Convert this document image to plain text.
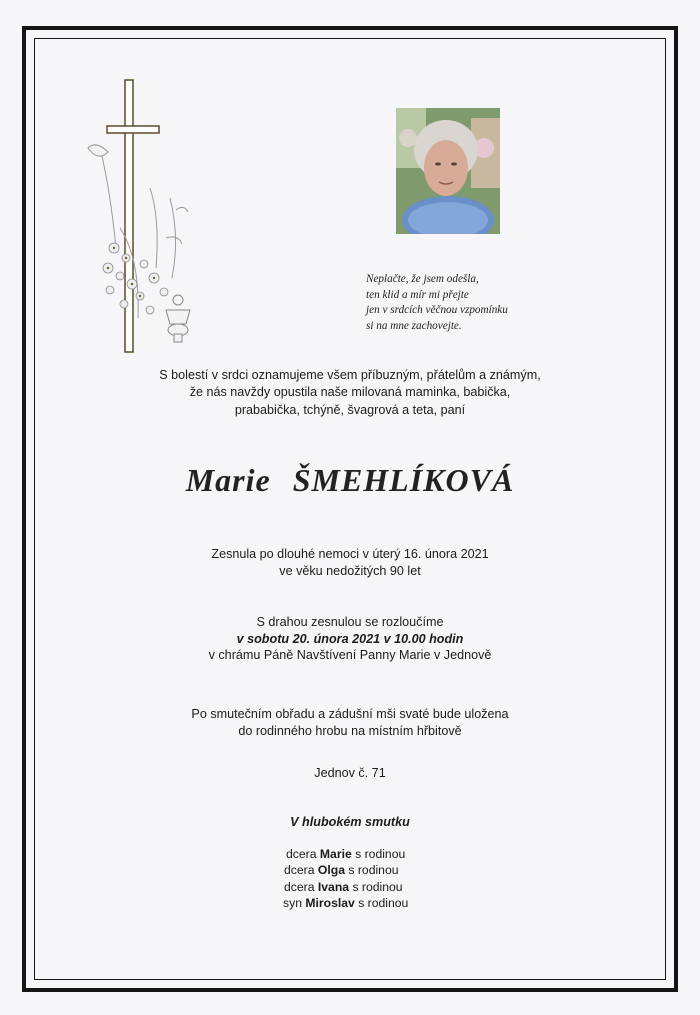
Neplačte, že jsem odešla,
ten klid a mír mi přejte
jen v srdcích věčnou vzpomínku
si na mne zachovejte.
S bolestí v srdci oznamujeme všem příbuzným, přátelům a známým,
že nás navždy opustila naše milovaná maminka, babička,
prababička, tchýně, švagrová a teta, paní
Marie ŠMEHLÍKOVÁ
Zesnula po dlouhé nemoci v úterý 16. února 2021
ve věku nedožitých 90 let
S drahou zesnulou se rozloučíme
v sobotu 20. února 2021 v 10.00 hodin
v chrámu Páně Navštívení Panny Marie v Jednově
Po smutečním obřadu a zádušní mši svaté bude uložena
do rodinného hrobu na místním hřbitově
Jednov č. 71
V hlubokém smutku
dcera Marie s rodinou
dcera Olga s rodinou
dcera Ivana s rodinou
syn Miroslav s rodinou
